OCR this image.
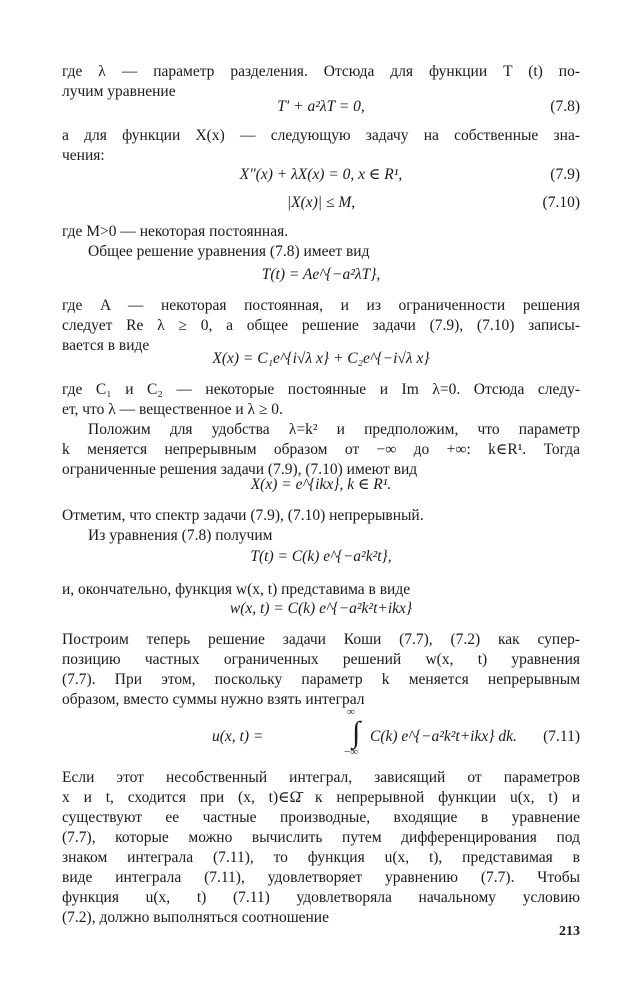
где λ — параметр разделения. Отсюда для функции T (t) по-
лучим уравнение
T′ + a²λT = 0,	(7.8)
а для функции X(x) — следующую задачу на собственные зна-
чения:
X″(x) + λX(x) = 0, x ∈ R¹,	(7.9)
|X(x)| ≤ M,	(7.10)
где M>0 — некоторая постоянная.
Общее решение уравнения (7.8) имеет вид
T(t) = Ae^{−a²λT},
где A — некоторая постоянная, и из ограниченности решения
следует Re λ ≥ 0, а общее решение задачи (7.9), (7.10) записы-
вается в виде
X(x) = C₁e^{i√λ x} + C₂e^{−i√λ x}
где C₁ и C₂ — некоторые постоянные и Im λ=0. Отсюда следу-
ет, что λ — вещественное и λ ≥ 0.
Положим для удобства λ=k² и предположим, что параметр
k меняется непрерывным образом от −∞ до +∞: k∈R¹. Тогда
ограниченные решения задачи (7.9), (7.10) имеют вид
X(x) = e^{ikx}, k ∈ R¹.
Отметим, что спектр задачи (7.9), (7.10) непрерывный.
Из уравнения (7.8) получим
T(t) = C(k) e^{−a²k²t},
и, окончательно, функция w(x, t) представима в виде
w(x, t) = C(k) e^{−a²k²t+ikx}
Построим теперь решение задачи Коши (7.7), (7.2) как супер-
позицию частных ограниченных решений w(x, t) уравнения
(7.7). При этом, поскольку параметр k меняется непрерывным
образом, вместо суммы нужно взять интеграл
∞
∫
−∞
u(x, t) =	C(k) e^{−a²k²t+ikx} dk. (7.11)
Если этот несобственный интеграл, зависящий от параметров
x и t, сходится при (x, t)∈Ω̄ к непрерывной функции u(x, t) и
существуют ее частные производные, входящие в уравнение
(7.7), которые можно вычислить путем дифференцирования под
знаком интеграла (7.11), то функция u(x, t), представимая в
виде интеграла (7.11), удовлетворяет уравнению (7.7). Чтобы
функция u(x, t) (7.11) удовлетворяла начальному условию
(7.2), должно выполняться соотношение
213
